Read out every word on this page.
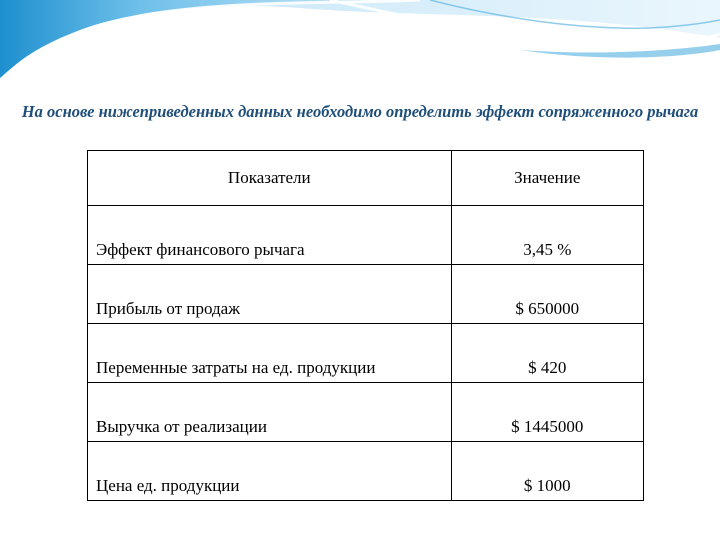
На основе нижеприведенных данных необходимо определить эффект сопряженного рычага
Показатели	Значение
Эффект финансового рычага	3,45 %
Прибыль от продаж	$ 650000
Переменные затраты на ед. продукции	$ 420
Выручка от реализации	$ 1445000
Цена ед. продукции	$ 1000
